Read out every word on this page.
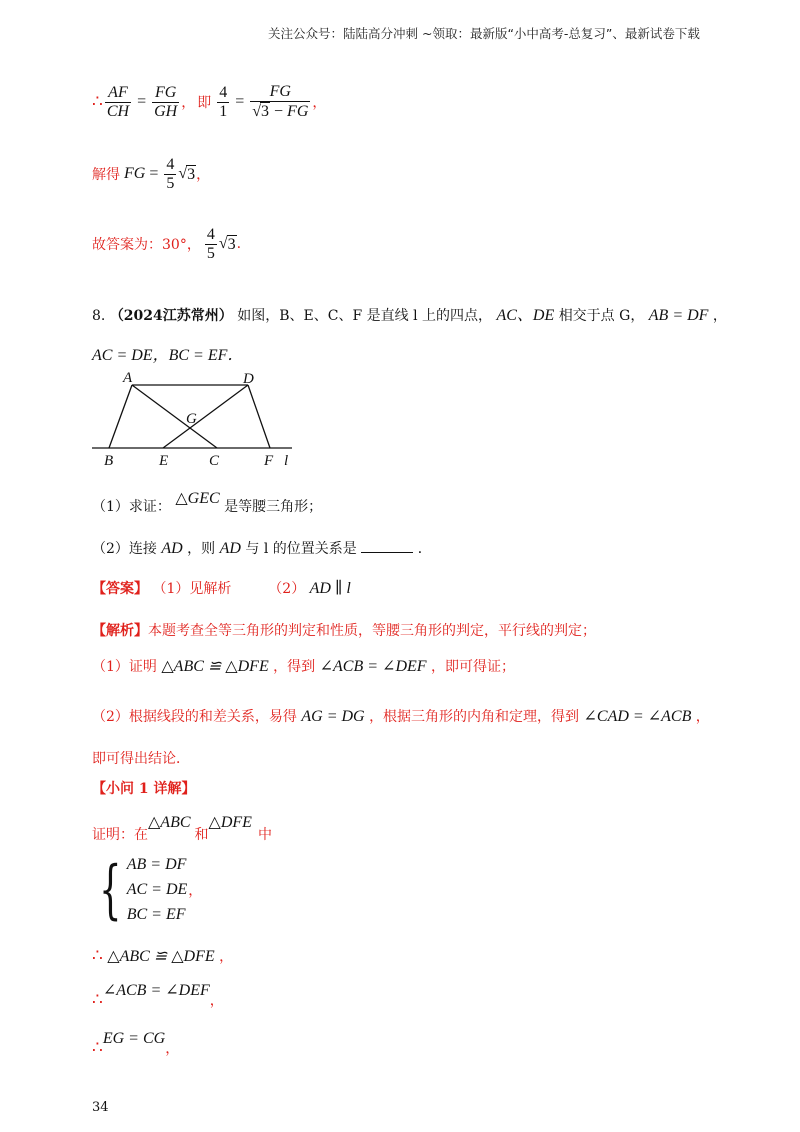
关注公众号：陆陆高分冲刺 ~领取：最新版“小中高考-总复习”、最新试卷下载
∴ $\frac{AF}{CH} = \frac{FG}{GH}$ ， 即 $\frac{4}{1} = \frac{FG}{√3 - FG}$ ，
解得 FG = $\frac{4}{5}$ √ 3 ，
故答案为：30°， $\frac{4}{5}$ √ 3 .
8. （2024江苏常州） 如图，B、E、C、F 是直线 l 上的四点， AC、DE 相交于点 G， AB = DF ，
AC = DE，BC = EF．
A	D
G
B	E	C	F l
（1）求证： △GEC 是等腰三角形；
（2）连接 AD ，则 AD 与 l 的位置关系是	．
【答案】 （1）见解析	（2） AD ∥ l
【解析】本题考查全等三角形的判定和性质，等腰三角形的判定，平行线的判定；
（1）证明 △ABC ≌ △DFE ，得到 ∠ACB = ∠DEF ，即可得证；
（2）根据线段的和差关系，易得 AG = DG ，根据三角形的内角和定理，得到 ∠CAD = ∠ACB ，
即可得出结论．
【小问 1 详解】
证明：在
△ABC
和
△DFE
中
{ AB = DF
AC = DE
BC = EF
，
∴ △ABC ≌ △DFE ，
∴ ∠ACB = ∠DEF
，
∴ EG = CG
，
34
